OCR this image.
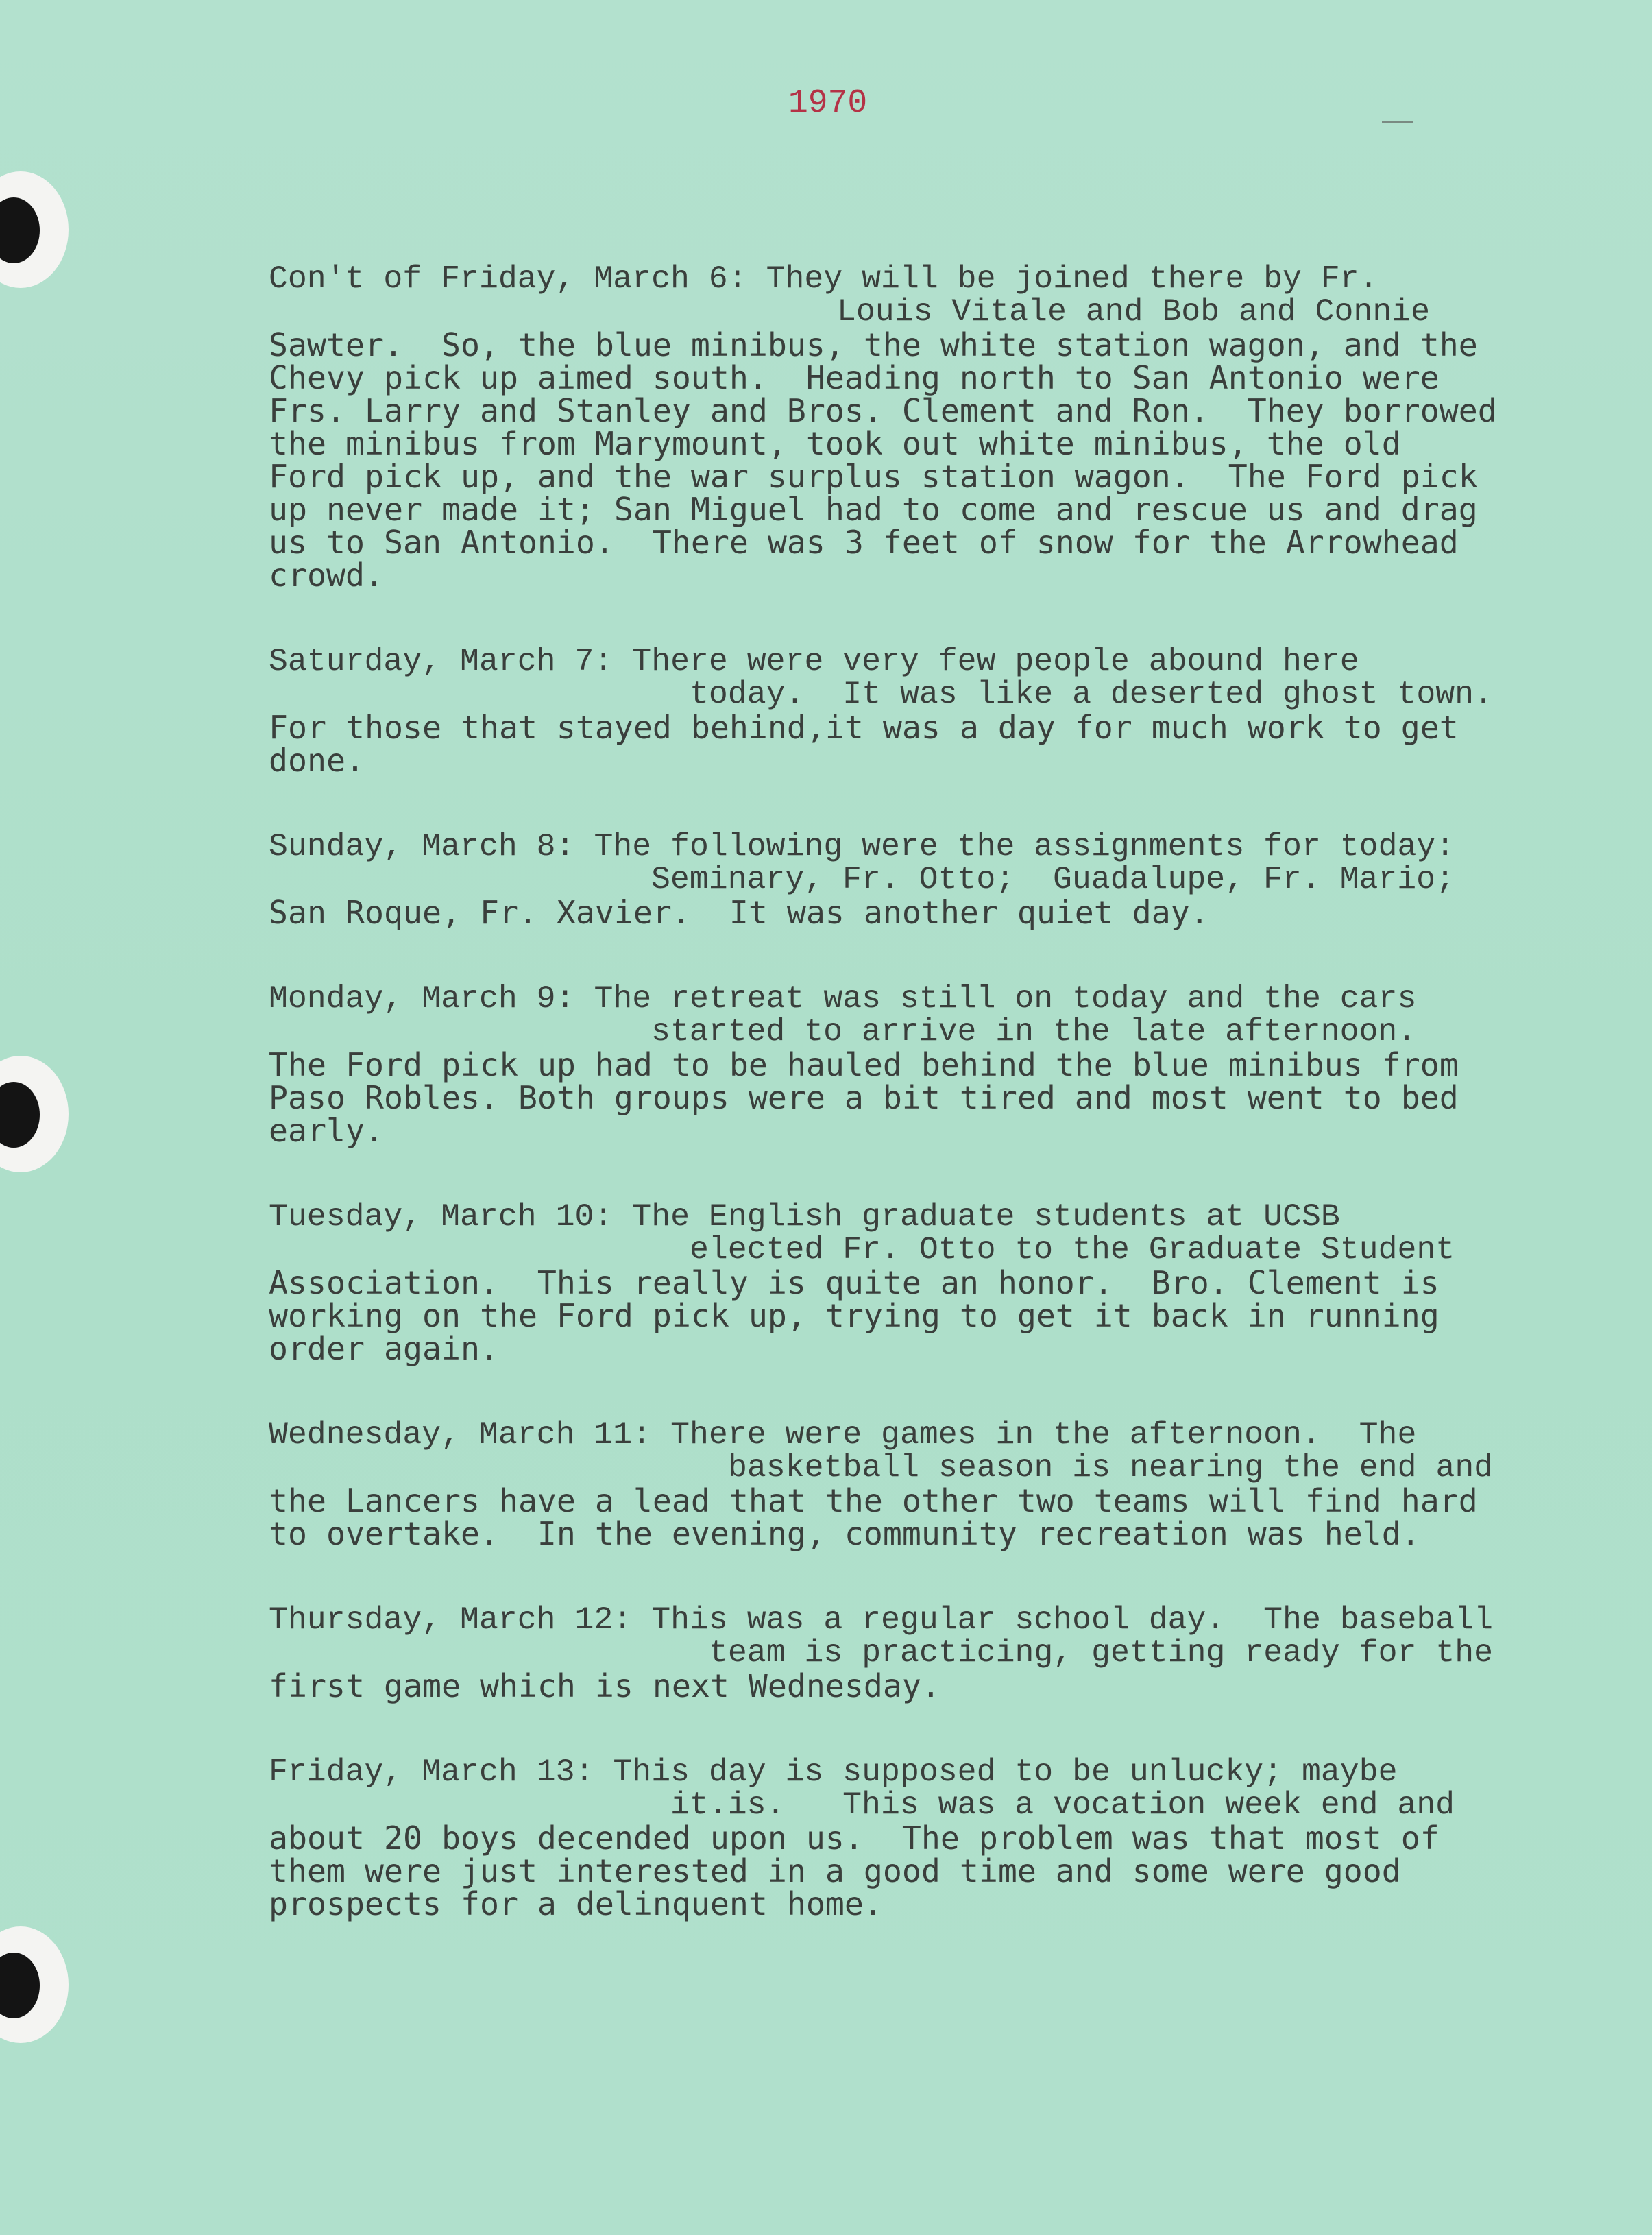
1970
Con't of Friday, March 6: They will be joined there by Fr.
Louis Vitale and Bob and Connie
Sawter.  So, the blue minibus, the white station wagon, and the
Chevy pick up aimed south.  Heading north to San Antonio were
Frs. Larry and Stanley and Bros. Clement and Ron.  They borrowed
the minibus from Marymount, took out white minibus, the old
Ford pick up, and the war surplus station wagon.  The Ford pick
up never made it; San Miguel had to come and rescue us and drag
us to San Antonio.  There was 3 feet of snow for the Arrowhead
crowd.
Saturday, March 7: There were very few people abound here
today.  It was like a deserted ghost town.
For those that stayed behind,it was a day for much work to get
done.
Sunday, March 8: The following were the assignments for today:
Seminary, Fr. Otto;  Guadalupe, Fr. Mario;
San Roque, Fr. Xavier.  It was another quiet day.
Monday, March 9: The retreat was still on today and the cars
started to arrive in the late afternoon.
The Ford pick up had to be hauled behind the blue minibus from
Paso Robles. Both groups were a bit tired and most went to bed
early.
Tuesday, March 10: The English graduate students at UCSB
elected Fr. Otto to the Graduate Student
Association.  This really is quite an honor.  Bro. Clement is
working on the Ford pick up, trying to get it back in running
order again.
Wednesday, March 11: There were games in the afternoon.  The
basketball season is nearing the end and
the Lancers have a lead that the other two teams will find hard
to overtake.  In the evening, community recreation was held.
Thursday, March 12: This was a regular school day.  The baseball
team is practicing, getting ready for the
first game which is next Wednesday.
Friday, March 13: This day is supposed to be unlucky; maybe
it.is.   This was a vocation week end and
about 20 boys decended upon us.  The problem was that most of
them were just interested in a good time and some were good
prospects for a delinquent home.
